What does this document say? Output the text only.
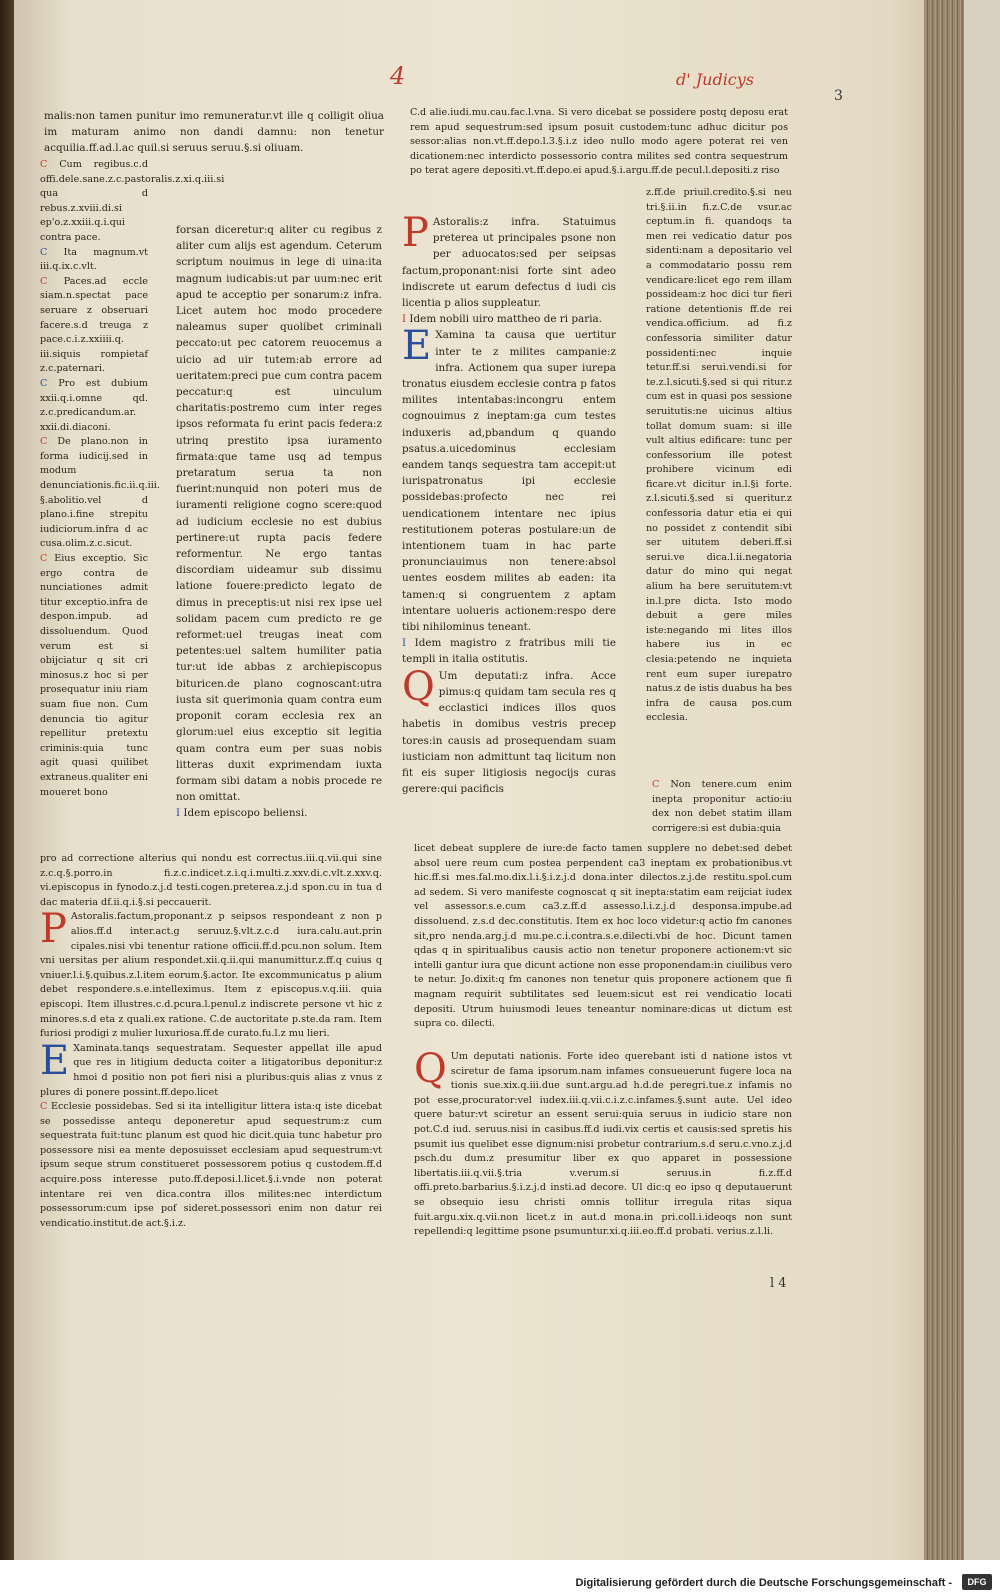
4	d' Judicys
3

malis:non tamen punitur imo remuneratur.vt ille q colligit oliua im maturam animo non dandi damnu: non tenetur acquilia.ff.ad.l.ac quil.si seruus seruu.§.si oliuam.

C Cum regibus.c.d offi.dele.sane.z.c.pastoralis.z.xi.q.iii.si qua d rebus.z.xviii.di.si ep'o.z.xxiii.q.i.qui contra pace.

C Ita magnum.vt iii.q.ix.c.vlt.

C Paces.ad eccle siam.n.spectat pace seruare z obseruari facere.s.d treuga z pace.c.i.z.xxiiii.q. iii.siquis rompietaf z.c.paternari.

C Pro est dubium xxii.q.i.omne qd. z.c.predicandum.ar. xxii.di.diaconi.

C De plano.non in forma iudicij.sed in modum denunciationis.fic.ii.q.iii. §.abolitio.vel d plano.i.fine strepitu iudiciorum.infra d ac cusa.olim.z.c.sicut.

C Eius exceptio. Sic ergo contra de nunciationes admit titur exceptio.infra de despon.impub. ad dissoluendum. Quod verum est si obijciatur q sit cri minosus.z hoc si per prosequatur iniu riam suam fiue non. Cum denuncia tio agitur repellitur pretextu criminis:quia tunc agit quasi quilibet extraneus.qualiter eni moueret bono

forsan diceretur:q aliter cu regibus z aliter cum alijs est agendum. Ceterum scriptum nouimus in lege di uina:ita magnum iudicabis:ut par uum:nec erit apud te acceptio per sonarum:z infra. Licet autem hoc modo procedere naleamus super quolibet criminali peccato:ut pec catorem reuocemus a uicio ad uir tutem:ab errore ad ueritatem:preci pue cum contra pacem peccatur:q est uinculum charitatis:postremo cum inter reges ipsos reformata fu erint pacis federa:z utrinq prestito ipsa iuramento firmata:que tame usq ad tempus pretaratum serua ta non fuerint:nunquid non poteri mus de iuramenti religione cogno scere:quod ad iudicium ecclesie no est dubius pertinere:ut rupta pacis federe reformentur. Ne ergo tantas discordiam uideamur sub dissimu latione fouere:predicto legato de dimus in preceptis:ut nisi rex ipse uel solidam pacem cum predicto re ge reformet:uel treugas ineat com petentes:uel saltem humiliter patia tur:ut ide abbas z archiepiscopus bituricen.de plano cognoscant:utra iusta sit querimonia quam contra eum proponit coram ecclesia rex an glorum:uel eius exceptio sit legitia quam contra eum per suas nobis litteras duxit exprimendam iuxta formam sibi datam a nobis procede re non omittat.

I Idem episcopo beliensi.

pro ad correctione alterius qui nondu est correctus.iii.q.vii.qui sine z.c.q.§.porro.in fi.z.c.indicet.z.i.q.i.multi.z.xxv.di.c.vlt.z.xxv.q. vi.episcopus in fynodo.z.j.d testi.cogen.preterea.z.j.d spon.cu in tua d dac materia df.ii.q.i.§.si peccauerit.

P Astoralis.factum,proponant.z p seipsos respondeant z non p alios.ff.d inter.act.g seruuz.§.vlt.z.c.d iura.calu.aut.prin cipales.nisi vbi tenentur ratione officii.ff.d.pcu.non solum. Item vni uersitas per alium respondet.xii.q.ii.qui manumittur.z.ff.q cuius q vniuer.l.i.§.quibus.z.l.item eorum.§.actor. Ite excommunicatus p alium debet respondere.s.e.intelleximus. Item z episcopus.v.q.iii. quia episcopi. Item illustres.c.d.pcura.l.penul.z indiscrete persone vt hic z minores.s.d eta z quali.ex ratione. C.de auctoritate p.ste.da ram. Item furiosi prodigi z mulier luxuriosa.ff.de curato.fu.l.z mu lieri.

E Xaminata.tanqs sequestratam. Sequester appellat ille apud que res in litigium deducta coiter a litigatoribus deponitur:z hmoi d positio non pot fieri nisi a pluribus:quis alias z vnus z plures di ponere possint.ff.depo.licet

C Ecclesie possidebas. Sed si ita intelligitur littera ista:q iste dicebat se possedisse antequ deponeretur apud sequestrum:z cum sequestrata fuit:tunc planum est quod hic dicit.quia tunc habetur pro possessore nisi ea mente deposuisset ecclesiam apud sequestrum:vt ipsum seque strum constitueret possessorem potius q custodem.ff.d acquire.poss interesse puto.ff.deposi.l.licet.§.i.vnde non poterat intentare rei ven dica.contra illos milites:nec interdictum possessorum:cum ipse pof sideret.possessori enim non datur rei vendicatio.institut.de act.§.i.z.

C.d alie.iudi.mu.cau.fac.l.vna. Si vero dicebat se possidere postq deposu erat rem apud sequestrum:sed ipsum posuit custodem:tunc adhuc dicitur pos sessor:alias non.vt.ff.depo.l.3.§.i.z ideo nullo modo agere poterat rei ven dicationem:nec interdicto possessorio contra milites sed contra sequestrum po terat agere depositi.vt.ff.depo.ei apud.§.i.argu.ff.de pecul.l.depositi.z riso

P Astoralis:z infra. Statuimus preterea ut principales psone non per aduocatos:sed per seipsas factum,proponant:nisi forte sint adeo indiscrete ut earum defectus d iudi cis licentia p alios suppleatur.

I Idem nobili uiro mattheo de ri paria.

E Xamina ta causa que uertitur inter te z milites campanie:z infra. Actionem qua super iurepa tronatus eiusdem ecclesie contra p fatos milites intentabas:incongru entem cognouimus z ineptam:ga cum testes induxeris ad,pbandum q quando psatus.a.uicedominus ecclesiam eandem tanqs sequestra tam accepit:ut iurispatronatus ipi ecclesie possidebas:profecto nec rei uendicationem intentare nec ipius restitutionem poteras postulare:un de intentionem tuam in hac parte pronunciauimus non tenere:absol uentes eosdem milites ab eaden: ita tamen:q si congruentem z aptam intentare uolueris actionem:respo dere tibi nihilominus teneant.

I Idem magistro z fratribus mili tie templi in italia ostitutis.

Q Um deputati:z infra. Acce pimus:q quidam tam secula res q ecclastici indices illos quos habetis in domibus vestris precep tores:in causis ad prosequendam suam iusticiam non admittunt taq licitum non fit eis super litigiosis negocijs curas gerere:qui pacificis

z.ff.de priuil.credito.§.si neu tri.§.ii.in fi.z.C.de vsur.ac ceptum.in fi. quandoqs ta men rei vedicatio datur pos sidenti:nam a depositario vel a commodatario possu rem vendicare:licet ego rem illam possideam:z hoc dici tur fieri ratione detentionis ff.de rei vendica.officium. ad fi.z confessoria similiter datur possidenti:nec inquie tetur.ff.si serui.vendi.si for te.z.l.sicuti.§.sed si qui ritur.z cum est in quasi pos sessione seruitutis:ne uicinus altius tollat domum suam: si ille vult altius edificare: tunc per confessorium ille potest prohibere vicinum edi ficare.vt dicitur in.l.§i forte. z.l.sicuti.§.sed si queritur.z confessoria datur etia ei qui no possidet z contendit sibi ser uitutem deberi.ff.si serui.ve dica.l.ii.negatoria datur do mino qui negat alium ha bere seruitutem:vt in.l.pre dicta. Isto modo debuit a gere miles iste:negando mi lites illos habere ius in ec clesia:petendo ne inquieta rent eum super iurepatro natus.z de istis duabus ha bes infra de causa pos.cum ecclesia.

C Non tenere.cum enim inepta proponitur actio:iu dex non debet statim illam corrigere:si est dubia:quia

licet debeat supplere de iure:de facto tamen supplere no debet:sed debet absol uere reum cum postea perpendent ca3 ineptam ex probationibus.vt hic.ff.si mes.fal.mo.dix.l.i.§.i.z.j.d dona.inter dilectos.z.j.de restitu.spol.cum ad sedem. Si vero manifeste cognoscat q sit inepta:statim eam reijciat iudex vel assessor.s.e.cum ca3.z.ff.d assesso.l.i.z.j.d desponsa.impube.ad dissoluend. z.s.d dec.constitutis. Item ex hoc loco videtur:q actio fm canones sit,pro nenda.arg.j.d mu.pe.c.i.contra.s.e.dilecti.vbi de hoc. Dicunt tamen qdas q in spiritualibus causis actio non tenetur proponere actionem:vt sic intelli gantur iura que dicunt actione non esse proponendam:in ciuilibus vero te netur. Jo.dixit:q fm canones non tenetur quis proponere actionem que fi magnam requirit subtilitates sed leuem:sicut est rei vendicatio locati depositi. Utrum huiusmodi leues teneantur nominare:dicas ut dictum est supra co. dilecti.

Q Um deputati nationis. Forte ideo querebant isti d natione istos vt sciretur de fama ipsorum.nam infames consueuerunt fugere loca na tionis sue.xix.q.iii.due sunt.argu.ad h.d.de peregri.tue.z infamis no pot esse,procurator:vel iudex.iii.q.vii.c.i.z.c.infames.§.sunt aute. Uel ideo quere batur:vt sciretur an essent serui:quia seruus in iudicio stare non pot.C.d iud. seruus.nisi in casibus.ff.d iudi.vix certis et causis:sed spretis his psumit ius quelibet esse dignum:nisi probetur contrarium.s.d seru.c.vno.z.j.d psch.du dum.z presumitur liber ex quo apparet in possessione libertatis.iii.q.vii.§.tria v.verum.si seruus.in fi.z.ff.d offi.preto.barbarius.§.i.z.j.d insti.ad decore. Ul dic:q eo ipso q deputauerunt se obsequio iesu christi omnis tollitur irregula ritas siqua fuit.argu.xix.q.vii.non licet.z in aut.d mona.in pri.coll.i.ideoqs non sunt repellendi:q legittime psone psumuntur.xi.q.iii.eo.ff.d probati. verius.z.l.li.

l 4
Digitalisierung gefördert durch die Deutsche Forschungsgemeinschaft -	DFG
